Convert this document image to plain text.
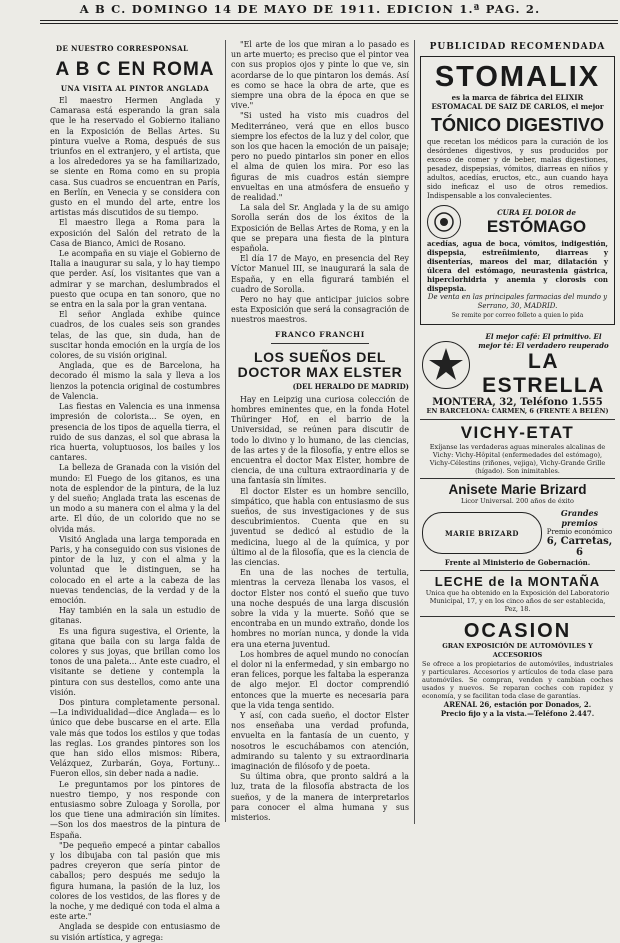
A B C. DOMINGO 14 DE MAYO DE 1911. EDICION 1.ª PAG. 2.
DE NUESTRO CORRESPONSAL
A B C EN ROMA
UNA VISITA AL PINTOR ANGLADA

El maestro Hermen Anglada y Camarasa está esperando la gran sala que le ha reservado el Gobierno italiano en la Exposición de Bellas Artes. Su pintura vuelve a Roma, después de sus triunfos en el extranjero, y el artista, que a los alrededores ya se ha familiarizado, se siente en Roma como en su propia casa. Sus cuadros se encuentran en París, en Berlín, en Venecia y se considera con gusto en el mundo del arte, entre los artistas más discutidos de su tiempo.

El maestro llega a Roma para la exposición del Salón del retrato de la Casa de Bianco, Amici de Rosano.

Le acompaña en su viaje el Gobierno de Italia a inaugurar su sala, y lo hay tiempo que perder. Así, los visitantes que van a admirar y se marchan, deslumbrados el puesto que ocupa en tan sonoro, que no se entra en la sala por la gran ventana.

El señor Anglada exhibe quince cuadros, de los cuales seis son grandes telas, de las que, sin duda, han de suscitar honda emoción en la urgía de los colores, de su visión original.

Anglada, que es de Barcelona, ha decorado él mismo la sala y lleva a los lienzos la potencia original de costumbres de Valencia.

Las fiestas en Valencia es una inmensa impresión de colorista... Se oyen, en presencia de los tipos de aquella tierra, el ruido de sus danzas, el sol que abrasa la rica huerta, voluptuosos, los bailes y los cantares.

La belleza de Granada con la visión del mundo: El Fuego de los gitanos, es una nota de esplendor de la pintura, de la luz y del sueño; Anglada trata las escenas de un modo a su manera con el alma y la del arte. El dúo, de un colorido que no se olvida más.

Visitó Anglada una larga temporada en Paris, y ha conseguido con sus visiones de pintor de la luz, y con el alma y la voluntad que le distinguen, se ha colocado en el arte a la cabeza de las nuevas tendencias, de la verdad y de la emoción.

Hay también en la sala un estudio de gitanas.

Es una figura sugestiva, el Oriente, la gitana que baila con su larga falda de colores y sus joyas, que brillan como los tonos de una paleta... Ante este cuadro, el visitante se detiene y contempla la pintura con sus destellos, como ante una visión.

Dos pintura completamente personal. —La individualidad—dice Anglada— es lo único que debe buscarse en el arte. Ella vale más que todos los estilos y que todas las reglas. Los grandes pintores son los que han sido ellos mismos: Ribera, Velázquez, Zurbarán, Goya, Fortuny... Fueron ellos, sin deber nada a nadie.

Le preguntamos por los pintores de nuestro tiempo, y nos responde con entusiasmo sobre Zuloaga y Sorolla, por los que tiene una admiración sin límites. —Son los dos maestros de la pintura de España.

"De pequeño empecé a pintar caballos y los dibujaba con tal pasión que mis padres creyeron que sería pintor de caballos; pero después me sedujo la figura humana, la pasión de la luz, los colores de los vestidos, de las flores y de la noche, y me dediqué con toda el alma a este arte."

Anglada se despide con entusiasmo de su visión artística, y agrega:

"El arte de los que miran a lo pasado es un arte muerto; es preciso que el pintor vea con sus propios ojos y pinte lo que ve, sin acordarse de lo que pintaron los demás. Así es como se hace la obra de arte, que es siempre una obra de la época en que se vive."

"Si usted ha visto mis cuadros del Mediterráneo, verá que en ellos busco siempre los efectos de la luz y del color, que son los que hacen la emoción de un paisaje; pero no puedo pintarlos sin poner en ellos el alma de quien los mira. Por eso las figuras de mis cuadros están siempre envueltas en una atmósfera de ensueño y de realidad."

La sala del Sr. Anglada y la de su amigo Sorolla serán dos de los éxitos de la Exposición de Bellas Artes de Roma, y en la que se prepara una fiesta de la pintura española.

El día 17 de Mayo, en presencia del Rey Víctor Manuel III, se inaugurará la sala de España, y en ella figurará también el cuadro de Sorolla.

Pero no hay que anticipar juicios sobre esta Exposición que será la consagración de nuestros maestros.

FRANCO FRANCHI
LOS SUEÑOS DEL DOCTOR MAX ELSTER
(DEL HERALDO DE MADRID)

Hay en Leipzig una curiosa colección de hombres eminentes que, en la fonda Hotel Thüringer Hof, en el barrio de la Universidad, se reúnen para discutir de todo lo divino y lo humano, de las ciencias, de las artes y de la filosofía, y entre ellos se encuentra el doctor Max Elster, hombre de ciencia, de una cultura extraordinaria y de una fantasía sin límites.

El doctor Elster es un hombre sencillo, simpático, que habla con entusiasmo de sus sueños, de sus investigaciones y de sus descubrimientos. Cuenta que en su juventud se dedicó al estudio de la medicina, luego al de la química, y por último al de la filosofía, que es la ciencia de las ciencias.

En una de las noches de tertulia, mientras la cerveza llenaba los vasos, el doctor Elster nos contó el sueño que tuvo una noche después de una larga discusión sobre la vida y la muerte. Soñó que se encontraba en un mundo extraño, donde los hombres no morían nunca, y donde la vida era una eterna juventud.

Los hombres de aquel mundo no conocían el dolor ni la enfermedad, y sin embargo no eran felices, porque les faltaba la esperanza de algo mejor. El doctor comprendió entonces que la muerte es necesaria para que la vida tenga sentido.

Y así, con cada sueño, el doctor Elster nos enseñaba una verdad profunda, envuelta en la fantasía de un cuento, y nosotros le escuchábamos con atención, admirando su talento y su extraordinaria imaginación de filósofo y de poeta.

Su última obra, que pronto saldrá a la luz, trata de la filosofía abstracta de los sueños, y de la manera de interpretarlos para conocer el alma humana y sus misterios.

PUBLICIDAD RECOMENDADA
STOMALIX
es la marca de fábrica del ELIXIR ESTOMACAL DE SAIZ DE CARLOS, el mejor
TÓNICO DIGESTIVO
que recetan los médicos para la curación de los desórdenes digestivos, y sus producidos por exceso de comer y de beber, malas digestiones, pesadez, dispepsias, vómitos, diarreas en niños y adultos, acedías, eructos, etc., aun cuando haya sido ineficaz el uso de otros remedios. Indispensable a los convalecientes.
CURA EL DOLOR de
ESTÓMAGO
acedías, agua de boca, vómitos, indigestión, dispepsia, estreñimiento, diarreas y disenterías, mareos del mar, dilatación y úlcera del estómago, neurastenia gástrica, hiperclorhidria y anemia y clorosis con dispepsia.
De venta en las principales farmacias del mundo y Serrano, 30, MADRID.
Se remite por correo folleto a quien lo pida
El mejor café: El primitivo. El mejor té: El verdadero reuperado
LA ESTRELLA
MONTERA, 32, Teléfono 1.555
EN BARCELONA: CARMEN, 6 (FRENTE A BELÉN)
VICHY-ETAT
Exíjanse las verdaderas aguas minerales alcalinas de Vichy: Vichy-Hôpital (enfermedades del estómago), Vichy-Célestins (riñones, vejiga), Vichy-Grande Grille (hígado). Son inimitables.
Anisete Marie Brizard
Licor Universal. 200 años de éxito
MARIE BRIZARD
Grandes premios
Premio económico
6, Carretas, 6
Frente al Ministerio de Gobernación.
LECHE de la MONTAÑA
Unica que ha obtenido en la Exposición del Laboratorio Municipal, 17, y en los cinco años de ser establecida, Pez, 18.
OCASION
GRAN EXPOSICIÓN DE AUTOMÓVILES Y ACCESORIOS
Se ofrece a los propietarios de automóviles, industriales y particulares. Accesorios y artículos de toda clase para automóviles. Se compran, venden y cambian coches usados y nuevos. Se reparan coches con rapidez y economía, y se facilitan toda clase de garantías.
ARENAL 26, estación por Donados, 2.
Precio fijo y a la vista.—Teléfono 2.447.
